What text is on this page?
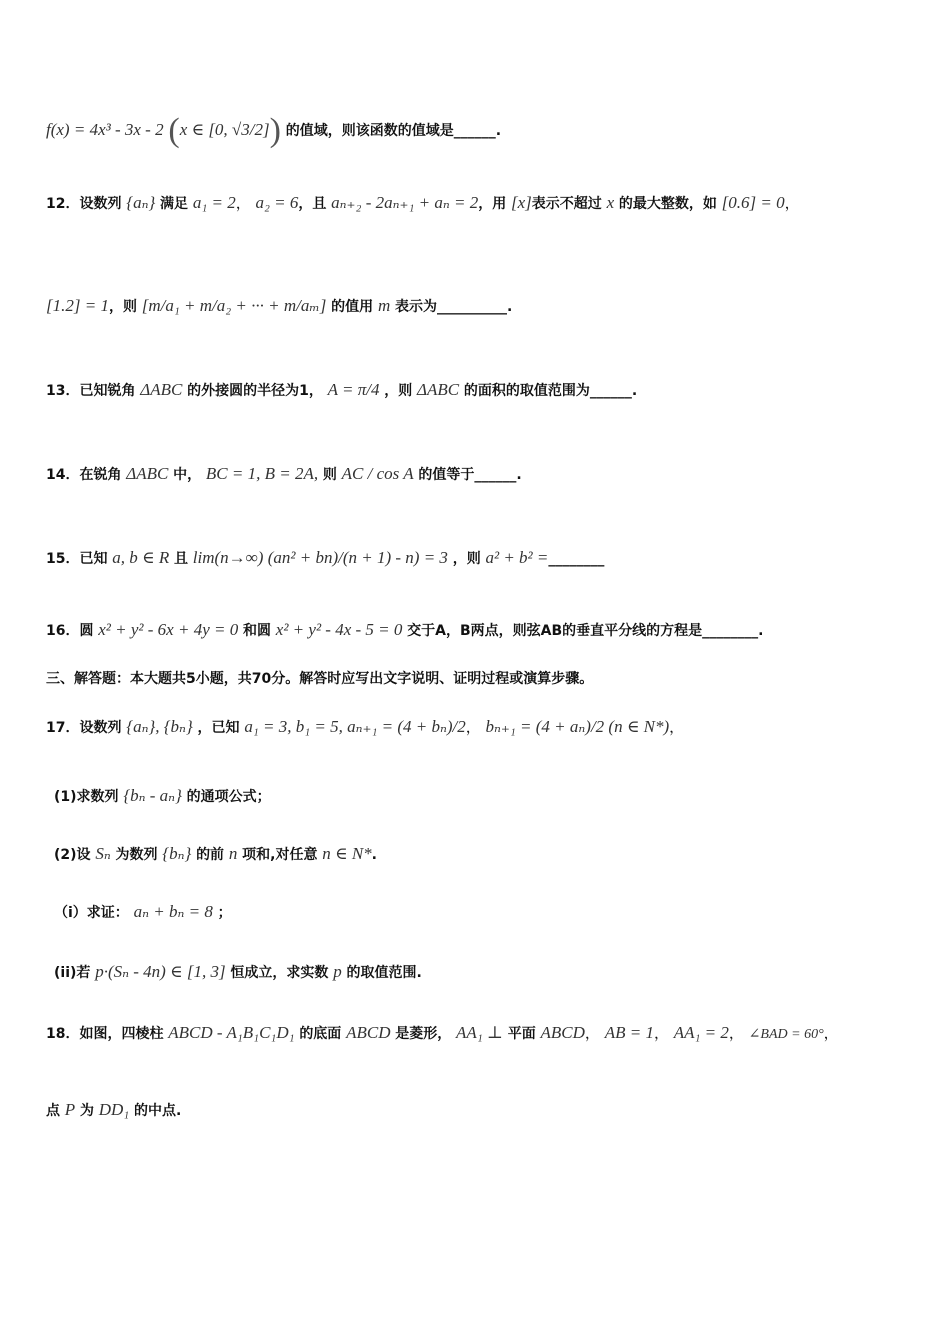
f(x) = 4x³ - 3x - 2 (x ∈ [0, √3/2]) 的值域，则该函数的值域是______.
12．设数列 {aₙ} 满足 a₁ = 2， a₂ = 6，且 aₙ₊₂ - 2aₙ₊₁ + aₙ = 2，用 [x]表示不超过 x 的最大整数，如 [0.6] = 0，
[1.2] = 1，则 [m/a₁ + m/a₂ + ··· + m/aₘ] 的值用 m 表示为__________.
13．已知锐角 ΔABC 的外接圆的半径为1， A = π/4 ，则 ΔABC 的面积的取值范围为______.
14．在锐角 ΔABC 中， BC = 1, B = 2A, 则 AC / cos A 的值等于______.
15．已知 a, b ∈ R 且 lim(n→∞) (an² + bn)/(n + 1) - n) = 3 ，则 a² + b² =________
16．圆 x² + y² - 6x + 4y = 0 和圆 x² + y² - 4x - 5 = 0 交于A，B两点，则弦AB的垂直平分线的方程是________.
三、解答题：本大题共5小题，共70分。解答时应写出文字说明、证明过程或演算步骤。
17．设数列 {aₙ}, {bₙ} ，已知 a₁ = 3, b₁ = 5, aₙ₊₁ = (4 + bₙ)/2， bₙ₊₁ = (4 + aₙ)/2 (n ∈ N*)，
(1)求数列 {bₙ - aₙ} 的通项公式；
(2)设 Sₙ 为数列 {bₙ} 的前 n 项和,对任意 n ∈ N*.
（i）求证： aₙ + bₙ = 8 ；
(ii)若 p·(Sₙ - 4n) ∈ [1, 3] 恒成立，求实数 p 的取值范围.
18．如图，四棱柱 ABCD - A₁B₁C₁D₁ 的底面 ABCD 是菱形， AA₁ ⊥ 平面 ABCD， AB = 1， AA₁ = 2， ∠BAD = 60°，
点 P 为 DD₁ 的中点.
